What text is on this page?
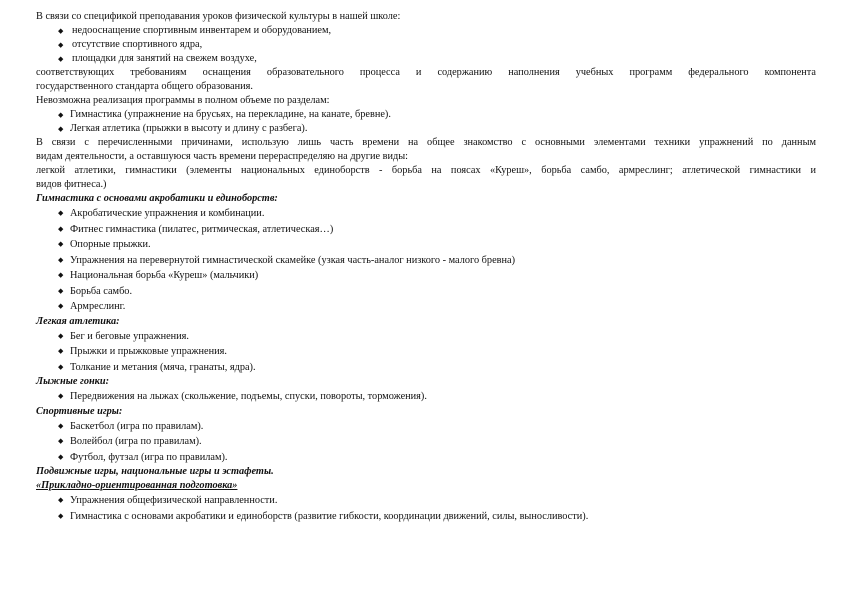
В связи со спецификой преподавания уроков физической культуры в нашей школе:

◆ недооснащение спортивным инвентарем и оборудованием,
◆ отсутствие спортивного ядра,
◆ площадки для занятий на свежем воздухе,

соответствующих требованиям оснащения образовательного процесса и содержанию наполнения учебных программ федерального компонента

государственного стандарта общего образования.

Невозможна реализация программы в полном объеме по разделам:

◆ Гимнастика (упражнение на брусьях, на перекладине, на канате, бревне).
◆ Легкая атлетика (прыжки в высоту и длину с разбега).

В связи с перечисленными причинами, использую лишь часть времени на общее знакомство с основными элементами техники упражнений по данным

видам деятельности, а оставшуюся часть времени перераспределяю на другие виды:

легкой атлетики, гимнастики (элементы национальных единоборств - борьба на поясах «Куреш», борьба самбо, армреслинг; атлетической гимнастики и

видов фитнеса.)

Гимнастика с основами акробатики и единоборств:

◆ Акробатические упражнения и комбинации.
◆ Фитнес гимнастика (пилатес, ритмическая, атлетическая…)
◆ Опорные прыжки.
◆ Упражнения на перевернутой гимнастической скамейке (узкая часть-аналог низкого - малого бревна)
◆ Национальная борьба «Куреш» (мальчики)
◆ Борьба самбо.
◆ Армреслинг.

Легкая атлетика:

◆ Бег и беговые упражнения.
◆ Прыжки и прыжковые упражнения.
◆ Толкание и метания (мяча, гранаты, ядра).

Лыжные гонки:

◆ Передвижения на лыжах (скольжение, подъемы, спуски, повороты, торможения).

Спортивные игры:

◆ Баскетбол (игра по правилам).
◆ Волейбол (игра по правилам).
◆ Футбол, футзал (игра по правилам).

Подвижные игры, национальные игры и эстафеты.

«Прикладно-ориентированная подготовка»

◆ Упражнения общефизической направленности.
◆ Гимнастика с основами акробатики и единоборств (развитие гибкости, координации движений, силы, выносливости).
